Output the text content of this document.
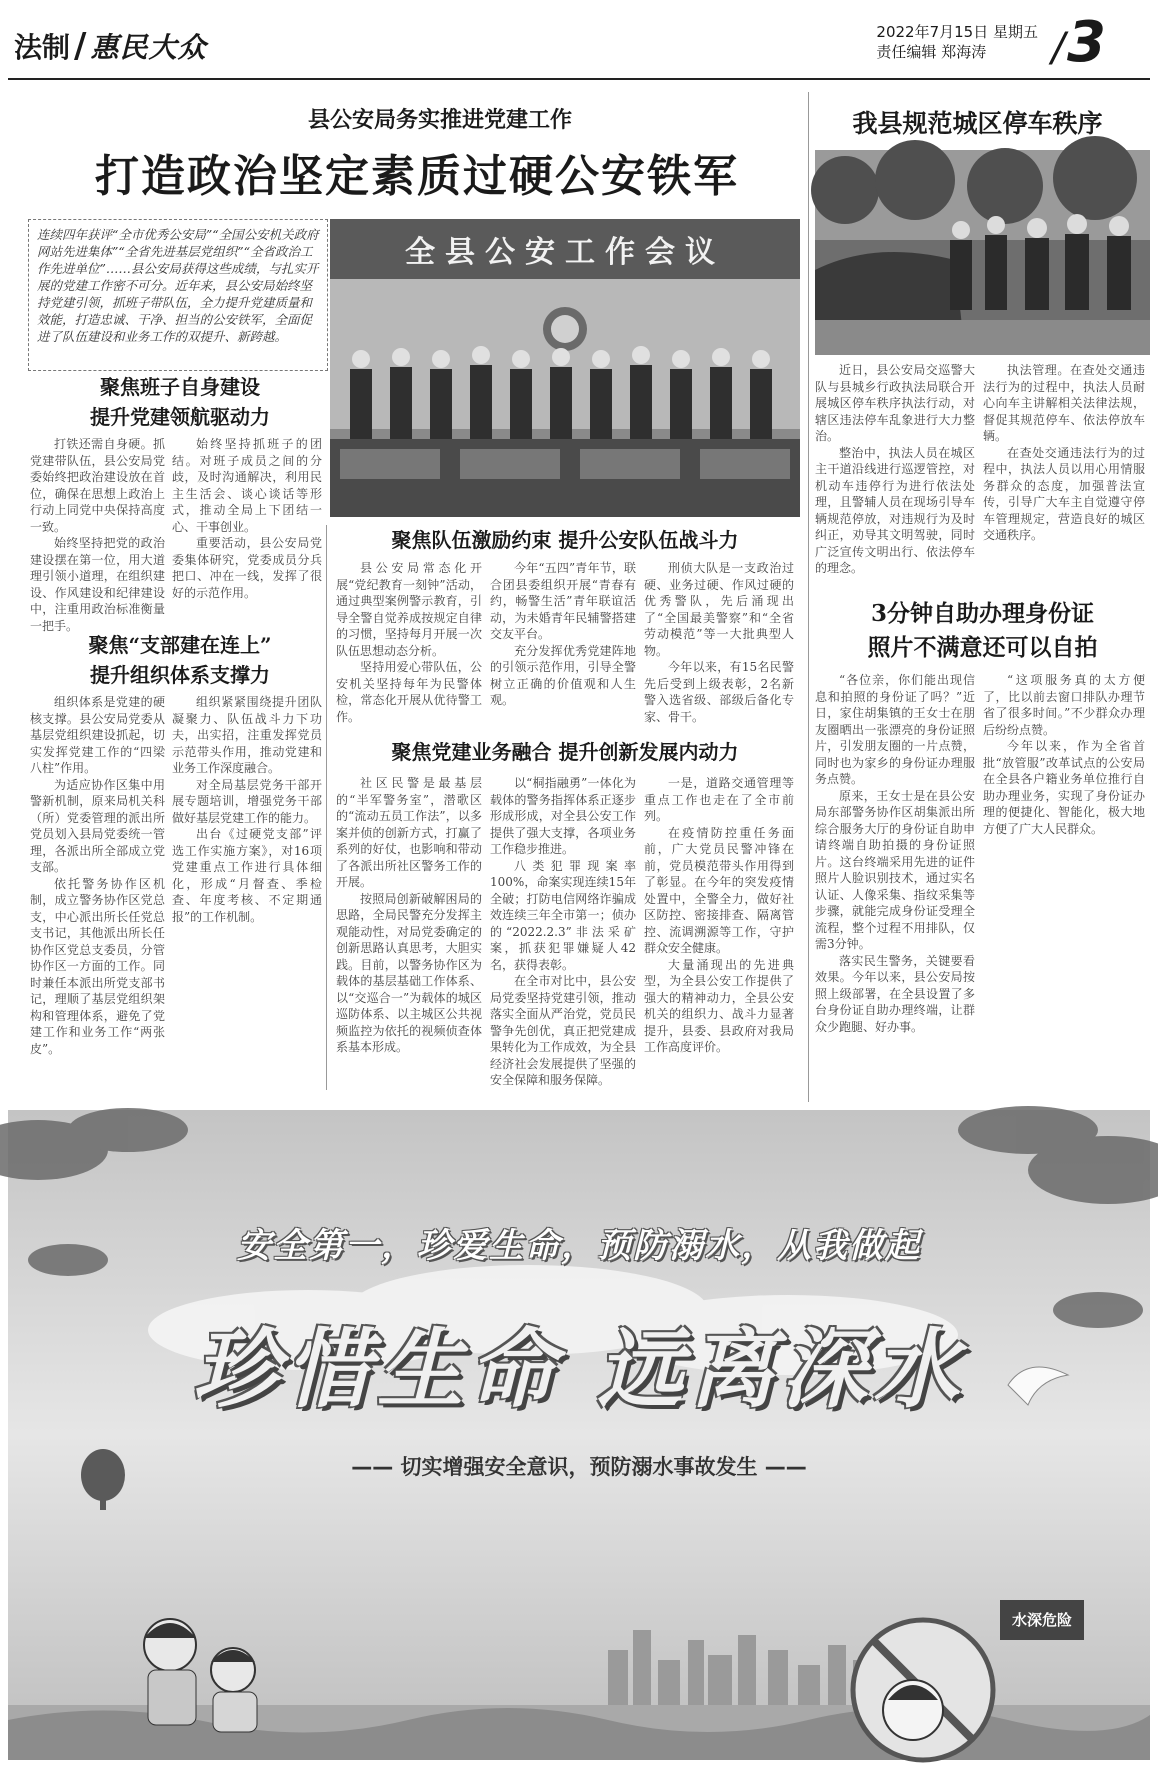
法制 / 惠民大众	2022年7月15日 星期五
责任编辑 郑海涛	/3
县公安局务实推进党建工作
打造政治坚定素质过硬公安铁军
我县规范城区停车秩序
连续四年获评“全市优秀公安局”“全国公安机关政府网站先进集体”“全省先进基层党组织”“全省政治工作先进单位”……县公安局获得这些成绩，与扎实开展的党建工作密不可分。近年来，县公安局始终坚持党建引领，抓班子带队伍，全力提升党建质量和效能，打造忠诚、干净、担当的公安铁军，全面促进了队伍建设和业务工作的双提升、新跨越。
全县公安工作会议
聚焦班子自身建设
提升党建领航驱动力

打铁还需自身硬。抓党建带队伍，县公安局党委始终把政治建设放在首位，确保在思想上政治上行动上同党中央保持高度一致。

始终坚持把党的政治建设摆在第一位，用大道理引领小道理，在组织建设、作风建设和纪律建设中，注重用政治标准衡量一把手。

始终坚持抓班子的团结。对班子成员之间的分歧，及时沟通解决，利用民主生活会、谈心谈话等形式，推动全局上下团结一心、干事创业。

重要活动，县公安局党委集体研究，党委成员分兵把口、冲在一线，发挥了很好的示范作用。

聚焦“支部建在连上”
提升组织体系支撑力

组织体系是党建的硬核支撑。县公安局党委从基层党组织建设抓起，切实发挥党建工作的“四梁八柱”作用。

为适应协作区集中用警新机制，原来局机关科（所）党委管理的派出所党员划入县局党委统一管理，各派出所全部成立党支部。

依托警务协作区机制，成立警务协作区党总支，中心派出所长任党总支书记，其他派出所长任协作区党总支委员，分管协作区一方面的工作。同时兼任本派出所党支部书记，理顺了基层党组织架构和管理体系，避免了党建工作和业务工作“两张皮”。

组织紧紧围绕提升团队凝聚力、队伍战斗力下功夫，出实招，注重发挥党员示范带头作用，推动党建和业务工作深度融合。

对全局基层党务干部开展专题培训，增强党务干部做好基层党建工作的能力。

出台《过硬党支部”评选工作实施方案》，对16项党建重点工作进行具体细化，形成“月督查、季检查、年度考核、不定期通报”的工作机制。

聚焦队伍激励约束 提升公安队伍战斗力

县公安局常态化开展“党纪教育一刻钟”活动，通过典型案例警示教育，引导全警自觉养成按规定自律的习惯，坚持每月开展一次队伍思想动态分析。

坚持用爱心带队伍，公安机关坚持每年为民警体检，常态化开展从优待警工作。

今年“五四”青年节，联合团县委组织开展“青春有约，畅警生活”青年联谊活动，为未婚青年民辅警搭建交友平台。

充分发挥优秀党建阵地的引领示范作用，引导全警树立正确的价值观和人生观。

刑侦大队是一支政治过硬、业务过硬、作风过硬的优秀警队，先后涌现出了“全国最美警察”和“全省劳动模范”等一大批典型人物。

今年以来，有15名民警先后受到上级表彰，2名新警入选省级、部级后备化专家、骨干。

聚焦党建业务融合 提升创新发展内动力

社区民警是最基层的“半军警务室”，潜歌区的“流动五员工作法”，以多案并侦的创新方式，打赢了系列的好仗，也影响和带动了各派出所社区警务工作的开展。

按照局创新破解困局的思路，全局民警充分发挥主观能动性，对局党委确定的创新思路认真思考，大胆实践。目前，以警务协作区为载体的基层基础工作体系、以“交巡合一”为载体的城区巡防体系、以主城区公共视频监控为依托的视频侦查体系基本形成。

以“桐指融勇”一体化为载体的警务指挥体系正逐步形成形成，对全县公安工作提供了强大支撑，各项业务工作稳步推进。

八类犯罪现案率100%，命案实现连续15年全破；打防电信网络诈骗成效连续三年全市第一；侦办的“2022.2.3”非法采矿案，抓获犯罪嫌疑人42名，获得表彰。

在全市对比中，县公安局党委坚持党建引领，推动落实全面从严治党，党员民警争先创优，真正把党建成果转化为工作成效，为全县经济社会发展提供了坚强的安全保障和服务保障。

一是，道路交通管理等重点工作也走在了全市前列。

在疫情防控重任务面前，广大党员民警冲锋在前，党员模范带头作用得到了彰显。在今年的突发疫情处置中，全警全力，做好社区防控、密接排查、隔离管控、流调溯源等工作，守护群众安全健康。

大量涌现出的先进典型，为全县公安工作提供了强大的精神动力，全县公安机关的组织力、战斗力显著提升，县委、县政府对我局工作高度评价。

近日，县公安局交巡警大队与县城乡行政执法局联合开展城区停车秩序执法行动，对辖区违法停车乱象进行大力整治。

整治中，执法人员在城区主干道沿线进行巡逻管控，对机动车违停行为进行依法处理，且警辅人员在现场引导车辆规范停放，对违规行为及时纠正，劝导其文明驾驶，同时广泛宣传文明出行、依法停车的理念。

执法管理。在查处交通违法行为的过程中，执法人员耐心向车主讲解相关法律法规，督促其规范停车、依法停放车辆。

在查处交通违法行为的过程中，执法人员以用心用情服务群众的态度，加强普法宣传，引导广大车主自觉遵守停车管理规定，营造良好的城区交通秩序。

3分钟自助办理身份证
照片不满意还可以自拍

“各位亲，你们能出现信息和拍照的身份证了吗？”近日，家住胡集镇的王女士在朋友圈晒出一张漂亮的身份证照片，引发朋友圈的一片点赞，同时也为家乡的身份证办理服务点赞。

原来，王女士是在县公安局东部警务协作区胡集派出所综合服务大厅的身份证自助申请终端自助拍摄的身份证照片。这台终端采用先进的证件照片人脸识别技术，通过实名认证、人像采集、指纹采集等步骤，就能完成身份证受理全流程，整个过程不用排队，仅需3分钟。

落实民生警务，关键要看效果。今年以来，县公安局按照上级部署，在全县设置了多台身份证自助办理终端，让群众少跑腿、好办事。

“这项服务真的太方便了，比以前去窗口排队办理节省了很多时间。”不少群众办理后纷纷点赞。

今年以来，作为全省首批“放管服”改革试点的公安局在全县各户籍业务单位推行自助办理业务，实现了身份证办理的便捷化、智能化，极大地方便了广大人民群众。

安全第一，珍爱生命，预防溺水，从我做起
珍惜生命 远离深水
—— 切实增强安全意识，预防溺水事故发生 ——
水深危险
